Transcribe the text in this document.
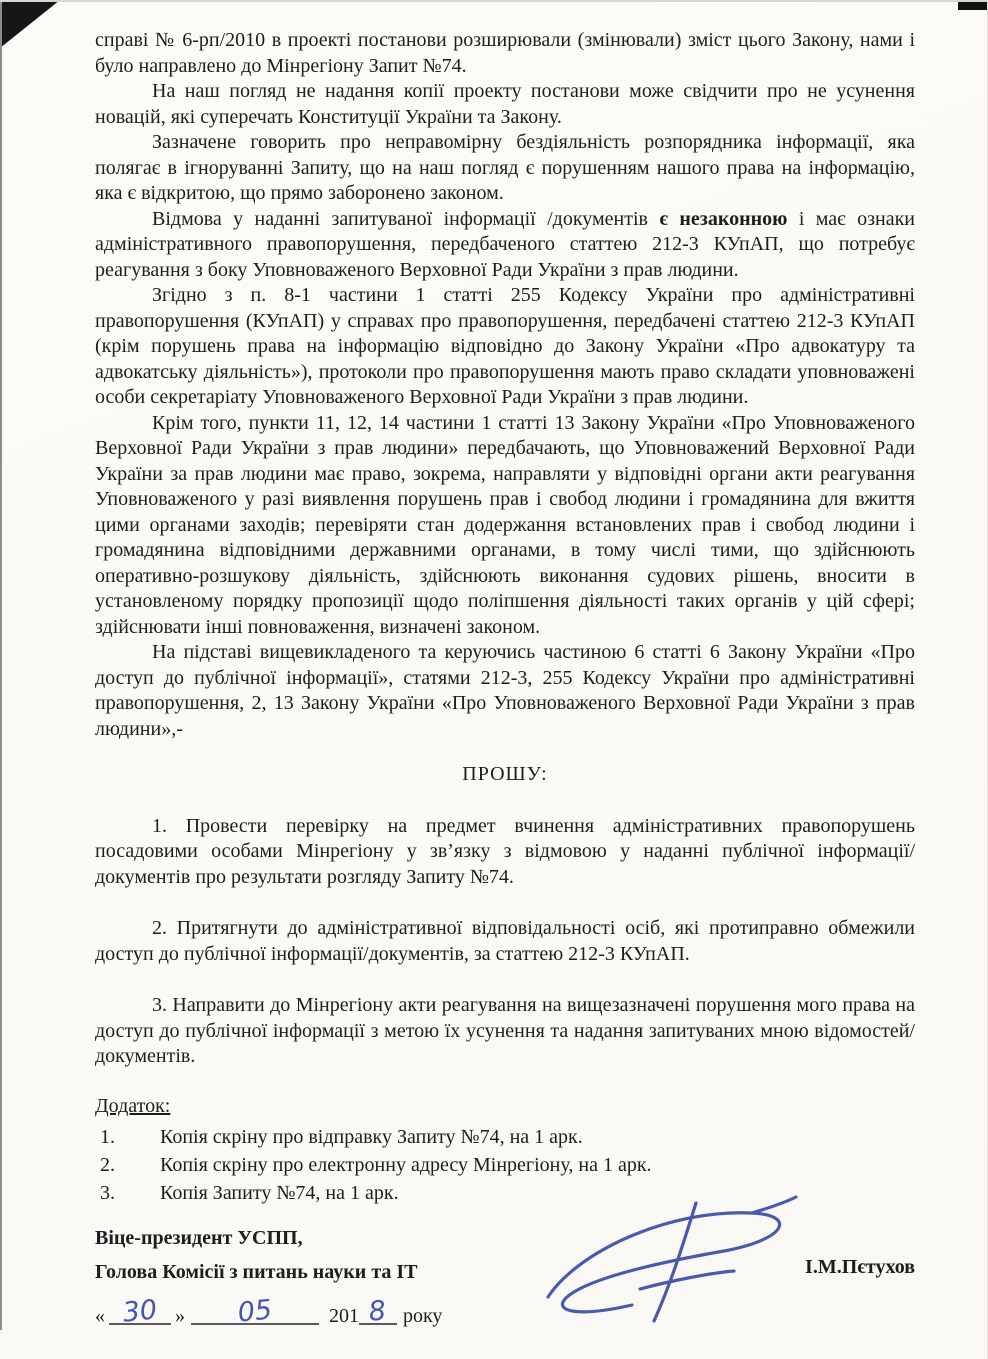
справі № 6-рп/2010 в проекті постанови розширювали (змінювали) зміст цього Закону, нами і було направлено до Мінрегіону Запит №74.

На наш погляд не надання копії проекту постанови може свідчити про не усунення новацій, які суперечать Конституції України та Закону.

Зазначене говорить про неправомірну бездіяльність розпорядника інформації, яка полягає в ігноруванні Запиту, що на наш погляд є порушенням нашого права на інформацію, яка є відкритою, що прямо заборонено законом.

Відмова у наданні запитуваної інформації /документів є незаконною і має ознаки адміністративного правопорушення, передбаченого статтею 212-3 КУпАП, що потребує реагування з боку Уповноваженого Верховної Ради України з прав людини.

Згідно з п. 8-1 частини 1 статті 255 Кодексу України про адміністративні правопорушення (КУпАП) у справах про правопорушення, передбачені статтею 212-3 КУпАП (крім порушень права на інформацію відповідно до Закону України «Про адвокатуру та адвокатську діяльність»), протоколи про правопорушення мають право складати уповноважені особи секретаріату Уповноваженого Верховної Ради України з прав людини.

Крім того, пункти 11, 12, 14 частини 1 статті 13 Закону України «Про Уповноваженого Верховної Ради України з прав людини» передбачають, що Уповноважений Верховної Ради України за прав людини має право, зокрема, направляти у відповідні органи акти реагування Уповноваженого у разі виявлення порушень прав і свобод людини і громадянина для вжиття цими органами заходів; перевіряти стан додержання встановлених прав і свобод людини і громадянина відповідними державними органами, в тому числі тими, що здійснюють оперативно-розшукову діяльність, здійснюють виконання судових рішень, вносити в установленому порядку пропозиції щодо поліпшення діяльності таких органів у цій сфері; здійснювати інші повноваження, визначені законом.

На підставі вищевикладеного та керуючись частиною 6 статті 6 Закону України «Про доступ до публічної інформації», статями 212-3, 255 Кодексу України про адміністративні правопорушення, 2, 13 Закону України «Про Уповноваженого Верховної Ради України з прав людини»,-

ПРОШУ:

1. Провести перевірку на предмет вчинення адміністративних правопорушень посадовими особами Мінрегіону у зв’язку з відмовою у наданні публічної інформації/документів про результати розгляду Запиту №74.

2. Притягнути до адміністративної відповідальності осіб, які протиправно обмежили доступ до публічної інформації/документів, за статтею 212-3 КУпАП.

3. Направити до Мінрегіону акти реагування на вищезазначені порушення мого права на доступ до публічної інформації з метою їх усунення та надання запитуваних мною відомостей/документів.

Додаток:

1.	Копія скріну про відправку Запиту №74, на 1 арк.
2.	Копія скріну про електронну адресу Мінрегіону, на 1 арк.
3.	Копія Запиту №74, на 1 арк.
Віце-президент УСПП,
Голова Комісії з питань науки та ІТ	І.М.Пєтухов
« 30 » 05	201 8 року
